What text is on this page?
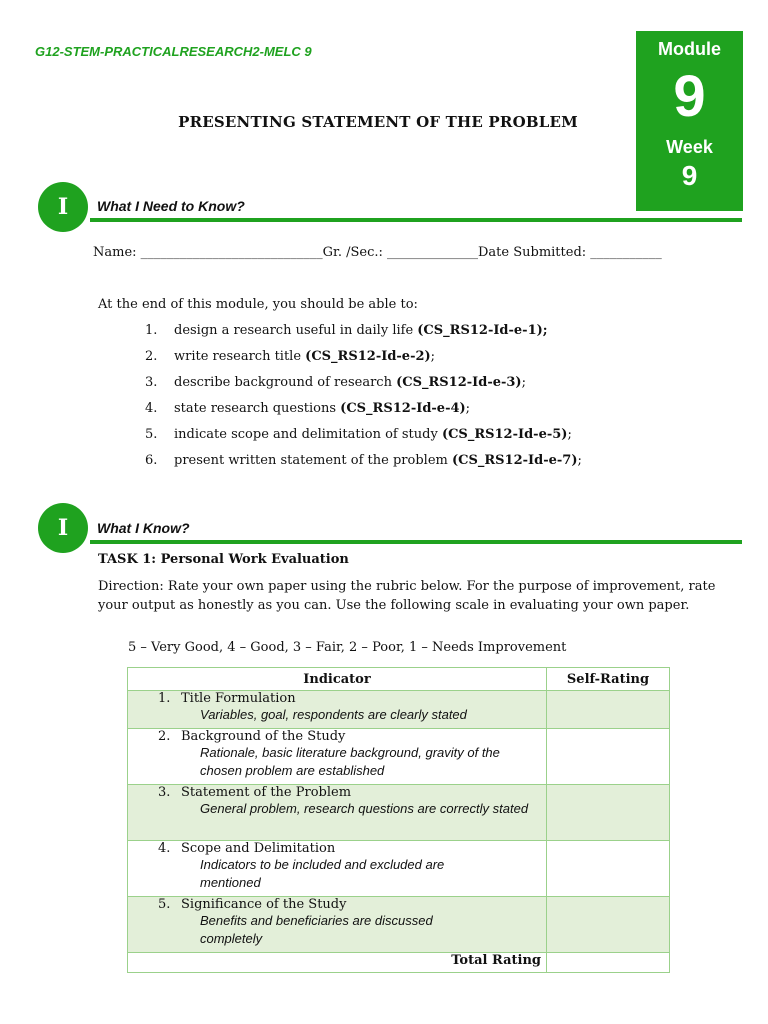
G12-STEM-PRACTICALRESEARCH2-MELC 9	Module
9
Week
9
PRESENTING STATEMENT OF THE PROBLEM
I	What I Need to Know?
Name: ____________________________Gr. /Sec.: ______________Date Submitted: ___________
At the end of this module, you should be able to:
1. design a research useful in daily life (CS_RS12-Id-e-1);
2. write research title (CS_RS12-Id-e-2);
3. describe background of research (CS_RS12-Id-e-3);
4. state research questions (CS_RS12-Id-e-4);
5. indicate scope and delimitation of study (CS_RS12-Id-e-5);
6. present written statement of the problem (CS_RS12-Id-e-7);
I	What I Know?
TASK 1: Personal Work Evaluation
Direction: Rate your own paper using the rubric below. For the purpose of improvement, rate your output as honestly as you can. Use the following scale in evaluating your own paper.
5 – Very Good, 4 – Good, 3 – Fair, 2 – Poor, 1 – Needs Improvement
Indicator	Self-Rating

1. Title Formulation
Variables, goal, respondents are clearly stated	

2. Background of the Study
Rationale, basic literature background, gravity of the chosen problem are established	

3. Statement of the Problem
General problem, research questions are correctly stated	

4. Scope and Delimitation
Indicators to be included and excluded are mentioned	

5. Significance of the Study
Benefits and beneficiaries are discussed completely	

Total Rating	
